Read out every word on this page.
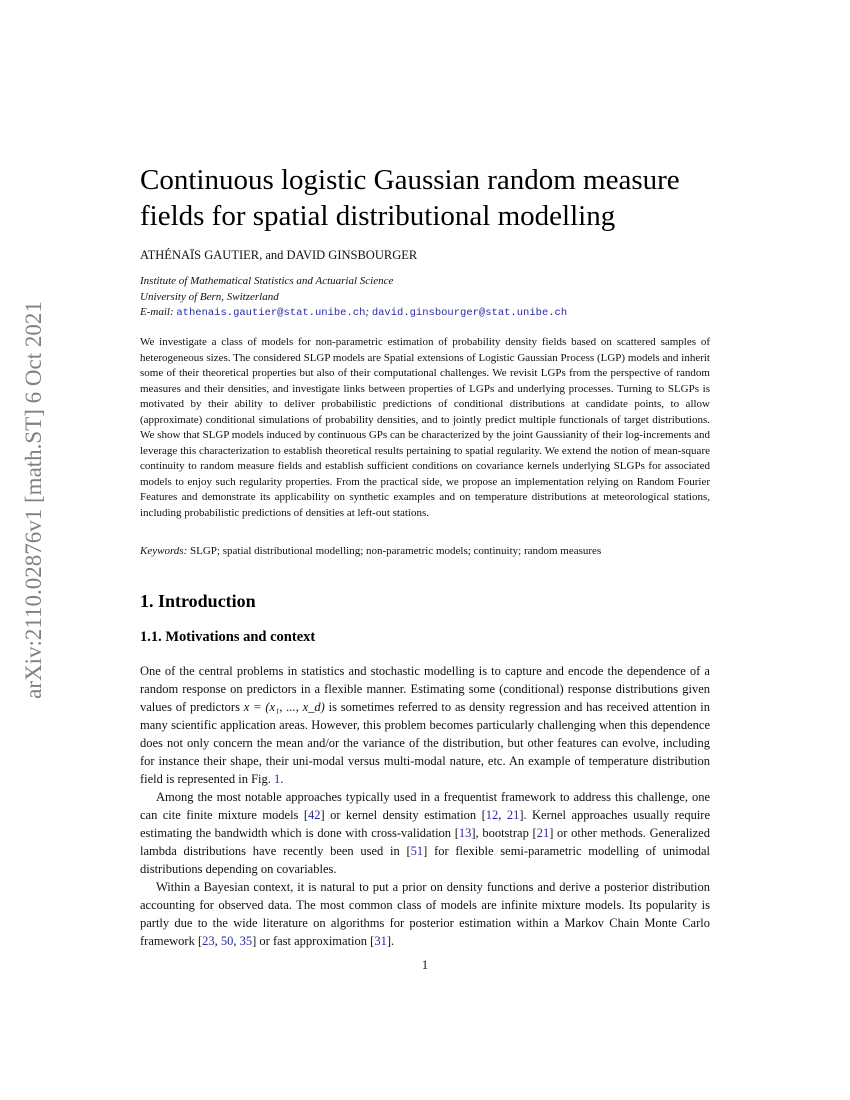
arXiv:2110.02876v1 [math.ST] 6 Oct 2021
Continuous logistic Gaussian random measure fields for spatial distributional modelling
ATHÉNAÏS GAUTIER, and DAVID GINSBOURGER
Institute of Mathematical Statistics and Actuarial Science
University of Bern, Switzerland
E-mail: athenais.gautier@stat.unibe.ch; david.ginsbourger@stat.unibe.ch

We investigate a class of models for non-parametric estimation of probability density fields based on scattered samples of heterogeneous sizes. The considered SLGP models are Spatial extensions of Logistic Gaussian Process (LGP) models and inherit some of their theoretical properties but also of their computational challenges. We revisit LGPs from the perspective of random measures and their densities, and investigate links between properties of LGPs and underlying processes. Turning to SLGPs is motivated by their ability to deliver probabilistic predictions of conditional distributions at candidate points, to allow (approximate) conditional simulations of probability densities, and to jointly predict multiple functionals of target distributions. We show that SLGP models induced by continuous GPs can be characterized by the joint Gaussianity of their log-increments and leverage this characterization to establish theoretical results pertaining to spatial regularity. We extend the notion of mean-square continuity to random measure fields and establish sufficient conditions on covariance kernels underlying SLGPs for associated models to enjoy such regularity properties. From the practical side, we propose an implementation relying on Random Fourier Features and demonstrate its applicability on synthetic examples and on temperature distributions at meteorological stations, including probabilistic predictions of densities at left-out stations.

Keywords: SLGP; spatial distributional modelling; non-parametric models; continuity; random measures
1. Introduction
1.1. Motivations and context

One of the central problems in statistics and stochastic modelling is to capture and encode the dependence of a random response on predictors in a flexible manner. Estimating some (conditional) response distributions given values of predictors x = (x₁, ..., x_d) is sometimes referred to as density regression and has received attention in many scientific application areas. However, this problem becomes particularly challenging when this dependence does not only concern the mean and/or the variance of the distribution, but other features can evolve, including for instance their shape, their uni-modal versus multi-modal nature, etc. An example of temperature distribution field is represented in Fig. 1.

Among the most notable approaches typically used in a frequentist framework to address this challenge, one can cite finite mixture models [42] or kernel density estimation [12, 21]. Kernel approaches usually require estimating the bandwidth which is done with cross-validation [13], bootstrap [21] or other methods. Generalized lambda distributions have recently been used in [51] for flexible semi-parametric modelling of unimodal distributions depending on covariables.

Within a Bayesian context, it is natural to put a prior on density functions and derive a posterior distribution accounting for observed data. The most common class of models are infinite mixture models. Its popularity is partly due to the wide literature on algorithms for posterior estimation within a Markov Chain Monte Carlo framework [23, 50, 35] or fast approximation [31].

1
